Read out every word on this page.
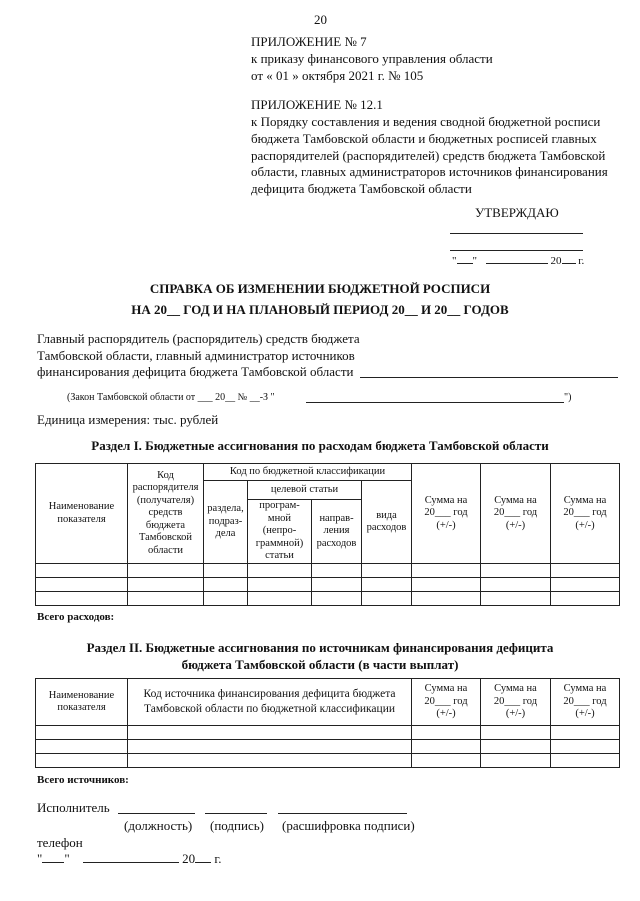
20
ПРИЛОЖЕНИЕ № 7
к приказу финансового управления области
от « 01 » октября 2021 г. № 105
ПРИЛОЖЕНИЕ № 12.1
к Порядку составления и ведения сводной бюджетной росписи
бюджета Тамбовской области и бюджетных росписей главных
распорядителей (распорядителей) средств бюджета Тамбовской
области, главных администраторов источников финансирования
дефицита бюджета Тамбовской области
УТВЕРЖДАЮ
" "	20 г.
СПРАВКА ОБ ИЗМЕНЕНИИ БЮДЖЕТНОЙ РОСПИСИ
НА 20__ ГОД И НА ПЛАНОВЫЙ ПЕРИОД 20__ И 20__ ГОДОВ
Главный распорядитель (распорядитель) средств бюджета
Тамбовской области, главный администратор источников
финансирования дефицита бюджета Тамбовской области
(Закон Тамбовской области от ___ 20__ № __-З "	")
Единица измерения: тыс. рублей
Раздел I. Бюджетные ассигнования по расходам бюджета Тамбовской области
Наименование показателя	Код распорядителя (получателя) средств бюджета Тамбовской области	Код по бюджетной классификации				Сумма на 20___ год (+/-)	Сумма на 20___ год (+/-)	Сумма на 20___ год (+/-)
		раздела, подраз-дела	целевой статьи		вида расходов			
			програм-мной (непро-граммной) статьи	направ-ления расходов				

Всего расходов:
Раздел II. Бюджетные ассигнования по источникам финансирования дефицита
бюджета Тамбовской области (в части выплат)
Наименование показателя	Код источника финансирования дефицита бюджета Тамбовской области по бюджетной классификации	Сумма на 20___ год (+/-)	Сумма на 20___ год (+/-)	Сумма на 20___ год (+/-)

Всего источников:
Исполнитель
(должность) (подпись) (расшифровка подписи)
телефон
" "	20 г.
